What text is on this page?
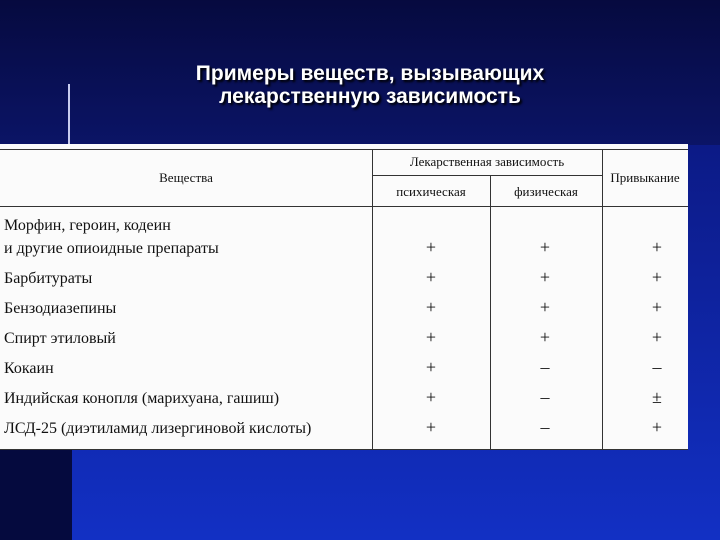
Примеры веществ, вызывающих
лекарственную зависимость
Вещества
Лекарственная зависимость
психическая	физическая
Привыкание
Морфин, героин, кодеин
и другие опиоидные препараты	+	+	+
Барбитураты	+	+	+
Бензодиазепины	+	+	+
Спирт этиловый	+	+	+
Кокаин	+	–	–
Индийская конопля (марихуана, гашиш)	+	–	±
ЛСД-25 (диэтиламид лизергиновой кислоты)	+	–	+
